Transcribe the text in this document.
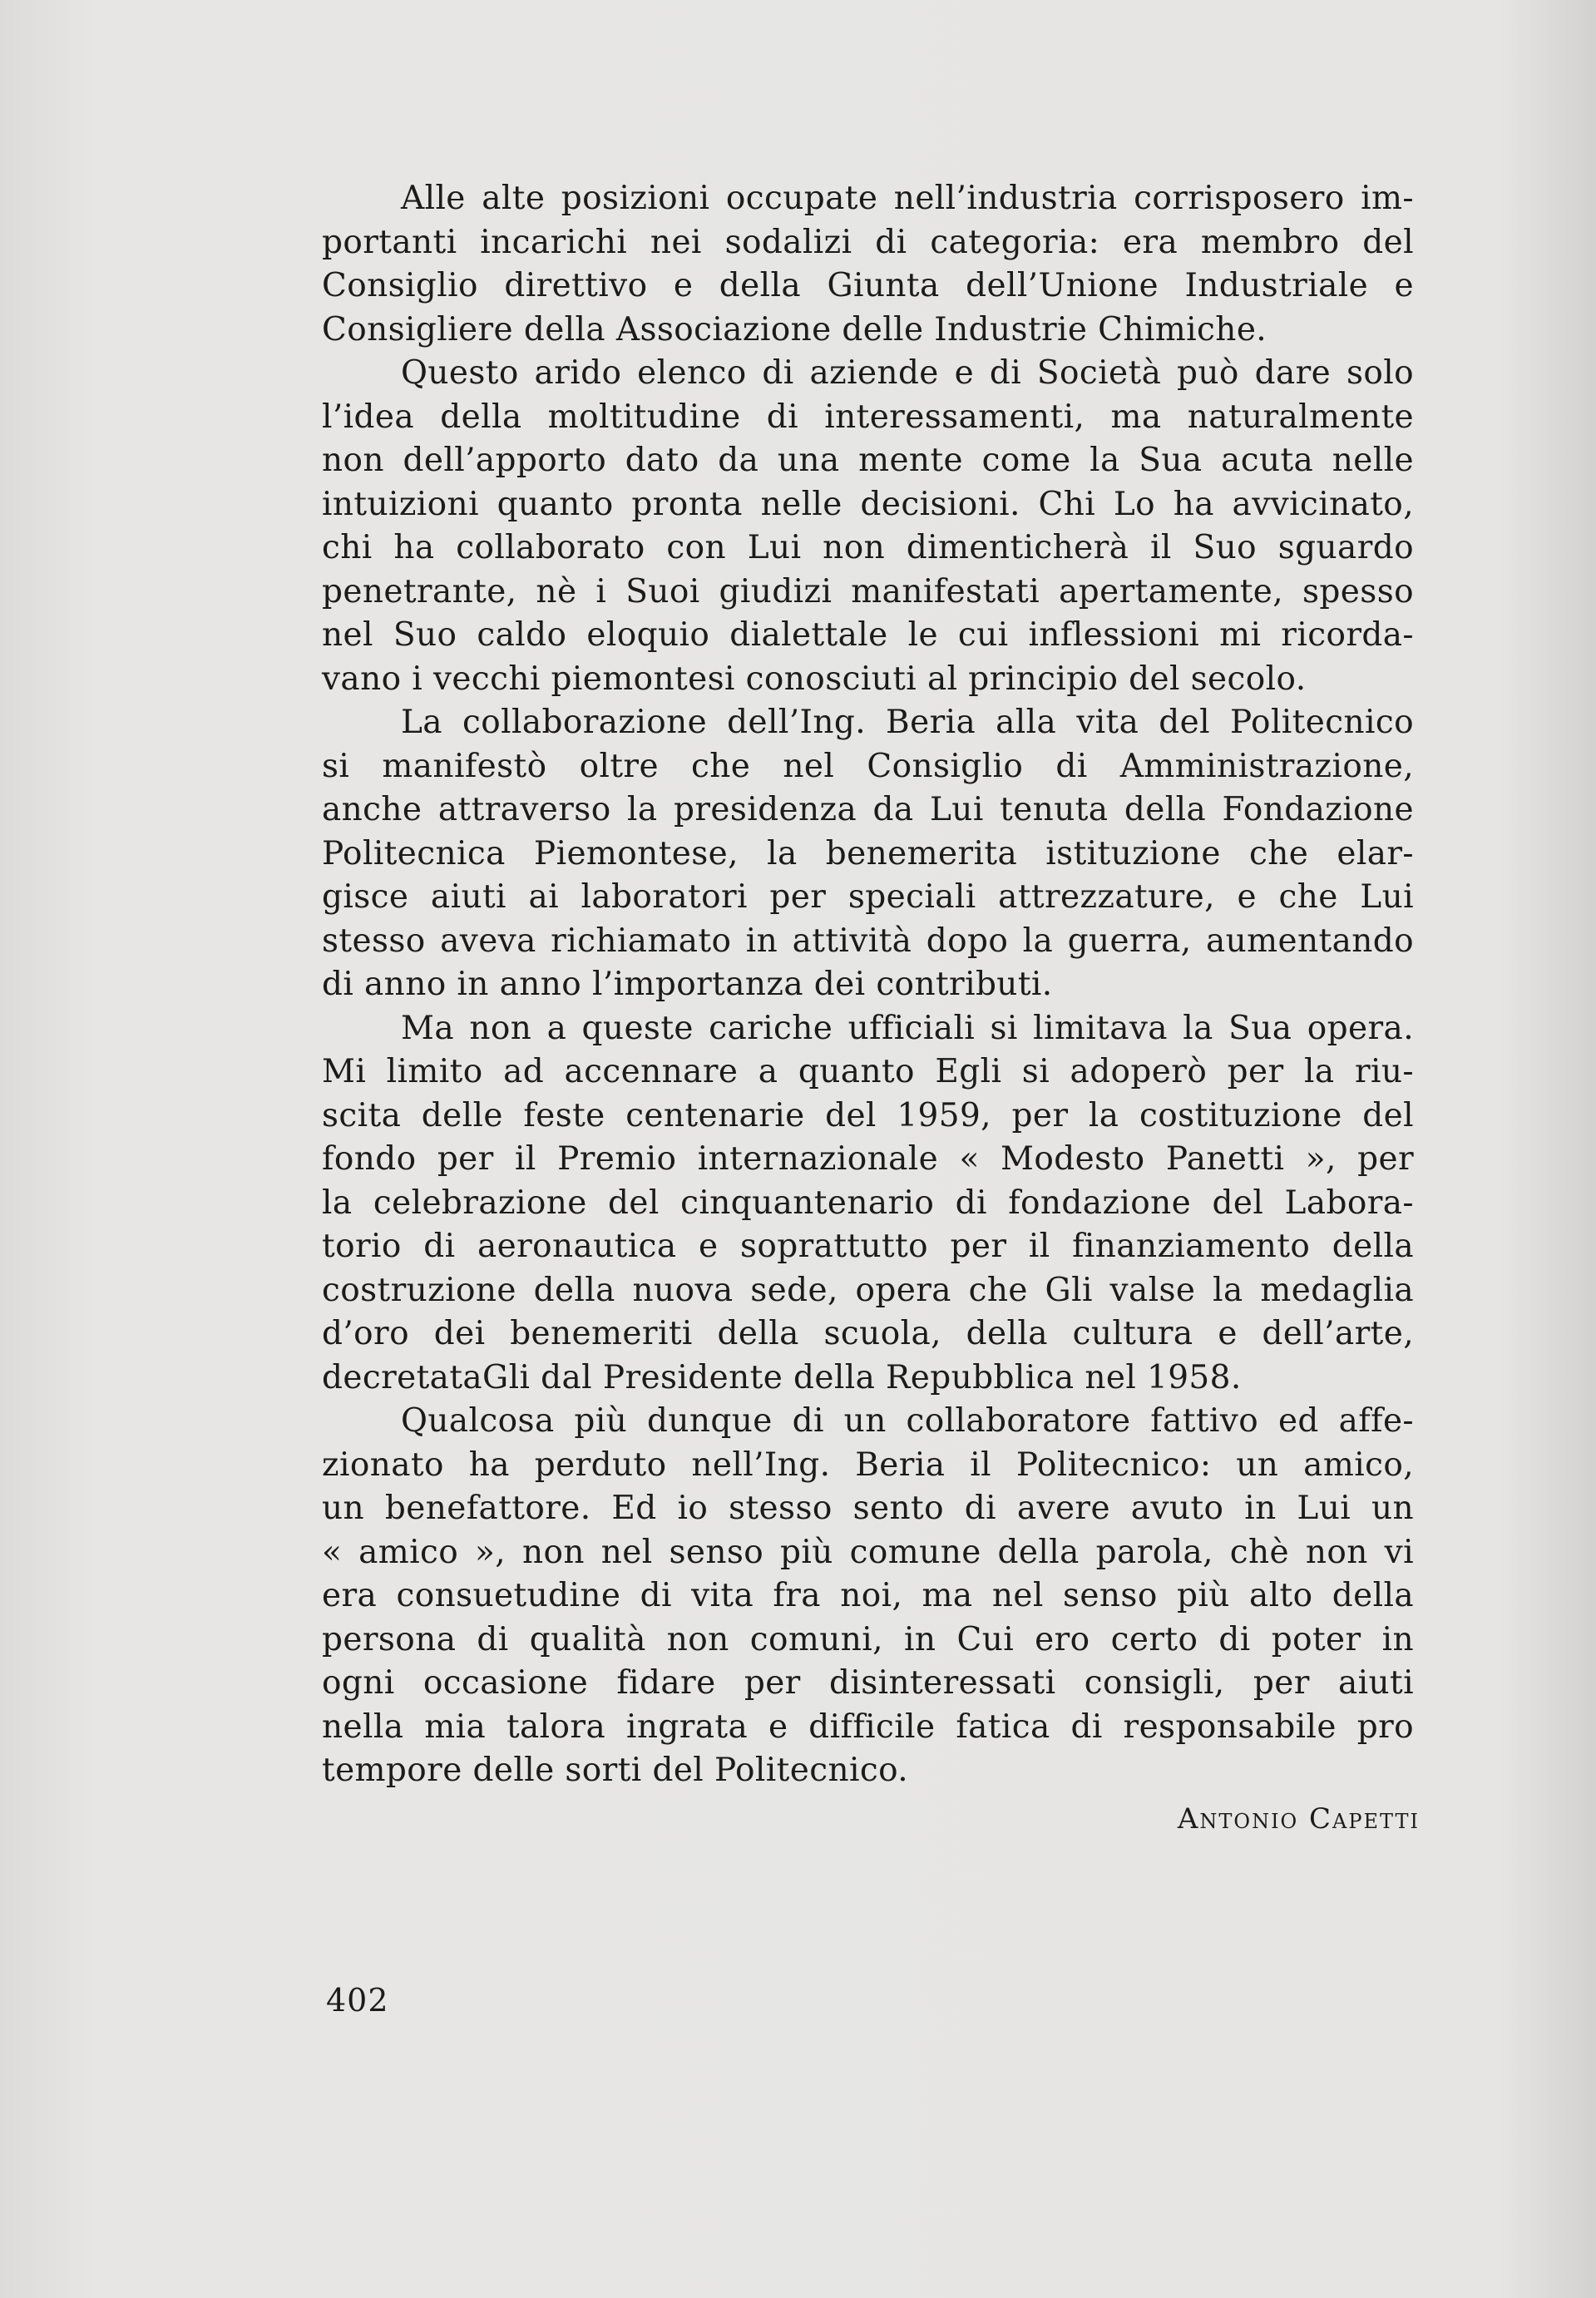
Alle alte posizioni occupate nell’industria corrisposero im-
portanti incarichi nei sodalizi di categoria: era membro del
Consiglio direttivo e della Giunta dell’Unione Industriale e
Consigliere della Associazione delle Industrie Chimiche.
Questo arido elenco di aziende e di Società può dare solo
l’idea della moltitudine di interessamenti, ma naturalmente
non dell’apporto dato da una mente come la Sua acuta nelle
intuizioni quanto pronta nelle decisioni. Chi Lo ha avvicinato,
chi ha collaborato con Lui non dimenticherà il Suo sguardo
penetrante, nè i Suoi giudizi manifestati apertamente, spesso
nel Suo caldo eloquio dialettale le cui inflessioni mi ricorda-
vano i vecchi piemontesi conosciuti al principio del secolo.
La collaborazione dell’Ing. Beria alla vita del Politecnico
si manifestò oltre che nel Consiglio di Amministrazione,
anche attraverso la presidenza da Lui tenuta della Fondazione
Politecnica Piemontese, la benemerita istituzione che elar-
gisce aiuti ai laboratori per speciali attrezzature, e che Lui
stesso aveva richiamato in attività dopo la guerra, aumentando
di anno in anno l’importanza dei contributi.
Ma non a queste cariche ufficiali si limitava la Sua opera.
Mi limito ad accennare a quanto Egli si adoperò per la riu-
scita delle feste centenarie del 1959, per la costituzione del
fondo per il Premio internazionale « Modesto Panetti », per
la celebrazione del cinquantenario di fondazione del Labora-
torio di aeronautica e soprattutto per il finanziamento della
costruzione della nuova sede, opera che Gli valse la medaglia
d’oro dei benemeriti della scuola, della cultura e dell’arte,
decretataGli dal Presidente della Repubblica nel 1958.
Qualcosa più dunque di un collaboratore fattivo ed affe-
zionato ha perduto nell’Ing. Beria il Politecnico: un amico,
un benefattore. Ed io stesso sento di avere avuto in Lui un
« amico », non nel senso più comune della parola, chè non vi
era consuetudine di vita fra noi, ma nel senso più alto della
persona di qualità non comuni, in Cui ero certo di poter in
ogni occasione fidare per disinteressati consigli, per aiuti
nella mia talora ingrata e difficile fatica di responsabile pro
tempore delle sorti del Politecnico.
Antonio Capetti
402
